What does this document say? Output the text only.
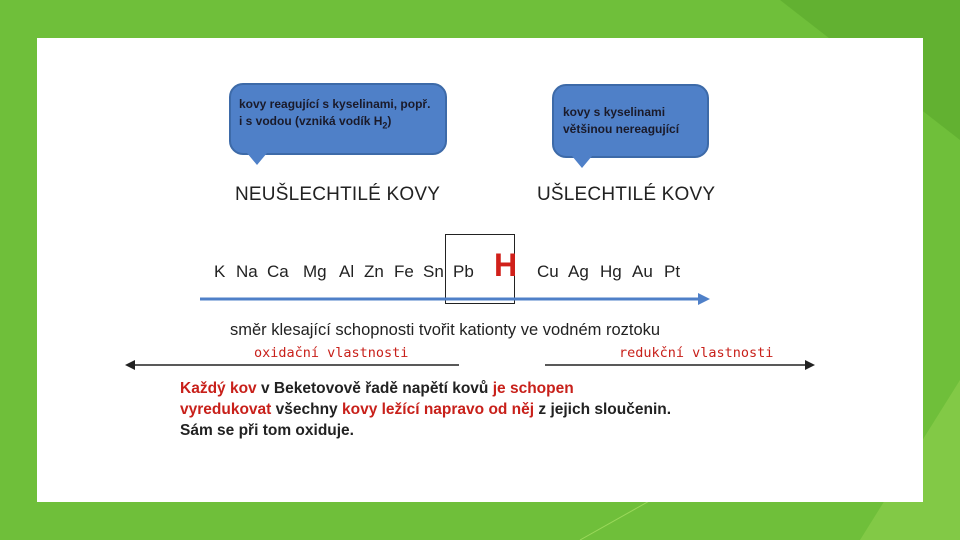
kovy reagující s kyselinami, popř.
i s vodou (vzniká vodík $H_2$)
kovy s kyselinami
většinou nereagující
NEUŠLECHTILÉ KOVY	UŠLECHTILÉ KOVY
K Na Ca Mg Al Zn Fe Sn Pb H Cu Ag Hg Au Pt
směr klesající schopnosti tvořit kationty ve vodném roztoku
oxidační vlastnosti	redukční vlastnosti
Každý kov v Beketovově řadě napětí kovů je schopen
vyredukovat všechny kovy ležící napravo od něj z jejich sloučenin.
Sám se při tom oxiduje.
